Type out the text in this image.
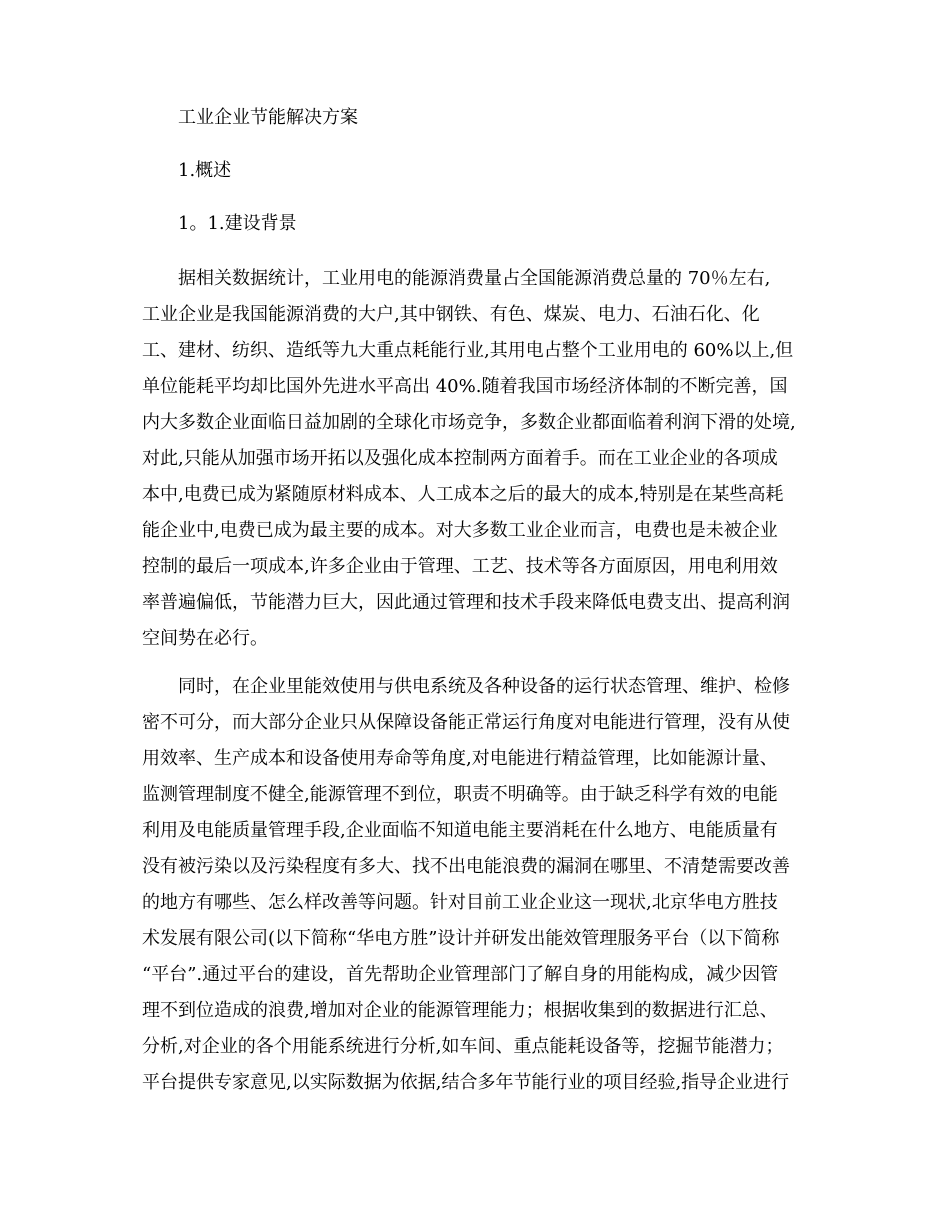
工业企业节能解决方案
1.概述
1。1.建设背景
据相关数据统计，工业用电的能源消费量占全国能源消费总量的 70％左右,
工业企业是我国能源消费的大户,其中钢铁、有色、煤炭、电力、石油石化、化
工、建材、纺织、造纸等九大重点耗能行业,其用电占整个工业用电的 60%以上,但
单位能耗平均却比国外先进水平高出 40%.随着我国市场经济体制的不断完善，国
内大多数企业面临日益加剧的全球化市场竞争，多数企业都面临着利润下滑的处境,
对此,只能从加强市场开拓以及强化成本控制两方面着手。而在工业企业的各项成
本中,电费已成为紧随原材料成本、人工成本之后的最大的成本,特别是在某些高耗
能企业中,电费已成为最主要的成本。对大多数工业企业而言，电费也是未被企业
控制的最后一项成本,许多企业由于管理、工艺、技术等各方面原因，用电利用效
率普遍偏低，节能潜力巨大，因此通过管理和技术手段来降低电费支出、提高利润
空间势在必行。
同时，在企业里能效使用与供电系统及各种设备的运行状态管理、维护、检修
密不可分，而大部分企业只从保障设备能正常运行角度对电能进行管理，没有从使
用效率、生产成本和设备使用寿命等角度,对电能进行精益管理，比如能源计量、
监测管理制度不健全,能源管理不到位，职责不明确等。由于缺乏科学有效的电能
利用及电能质量管理手段,企业面临不知道电能主要消耗在什么地方、电能质量有
没有被污染以及污染程度有多大、找不出电能浪费的漏洞在哪里、不清楚需要改善
的地方有哪些、怎么样改善等问题。针对目前工业企业这一现状,北京华电方胜技
术发展有限公司(以下简称“华电方胜”设计并研发出能效管理服务平台（以下简称
“平台”.通过平台的建设，首先帮助企业管理部门了解自身的用能构成，减少因管
理不到位造成的浪费,增加对企业的能源管理能力；根据收集到的数据进行汇总、
分析,对企业的各个用能系统进行分析,如车间、重点能耗设备等，挖掘节能潜力；
平台提供专家意见,以实际数据为依据,结合多年节能行业的项目经验,指导企业进行
